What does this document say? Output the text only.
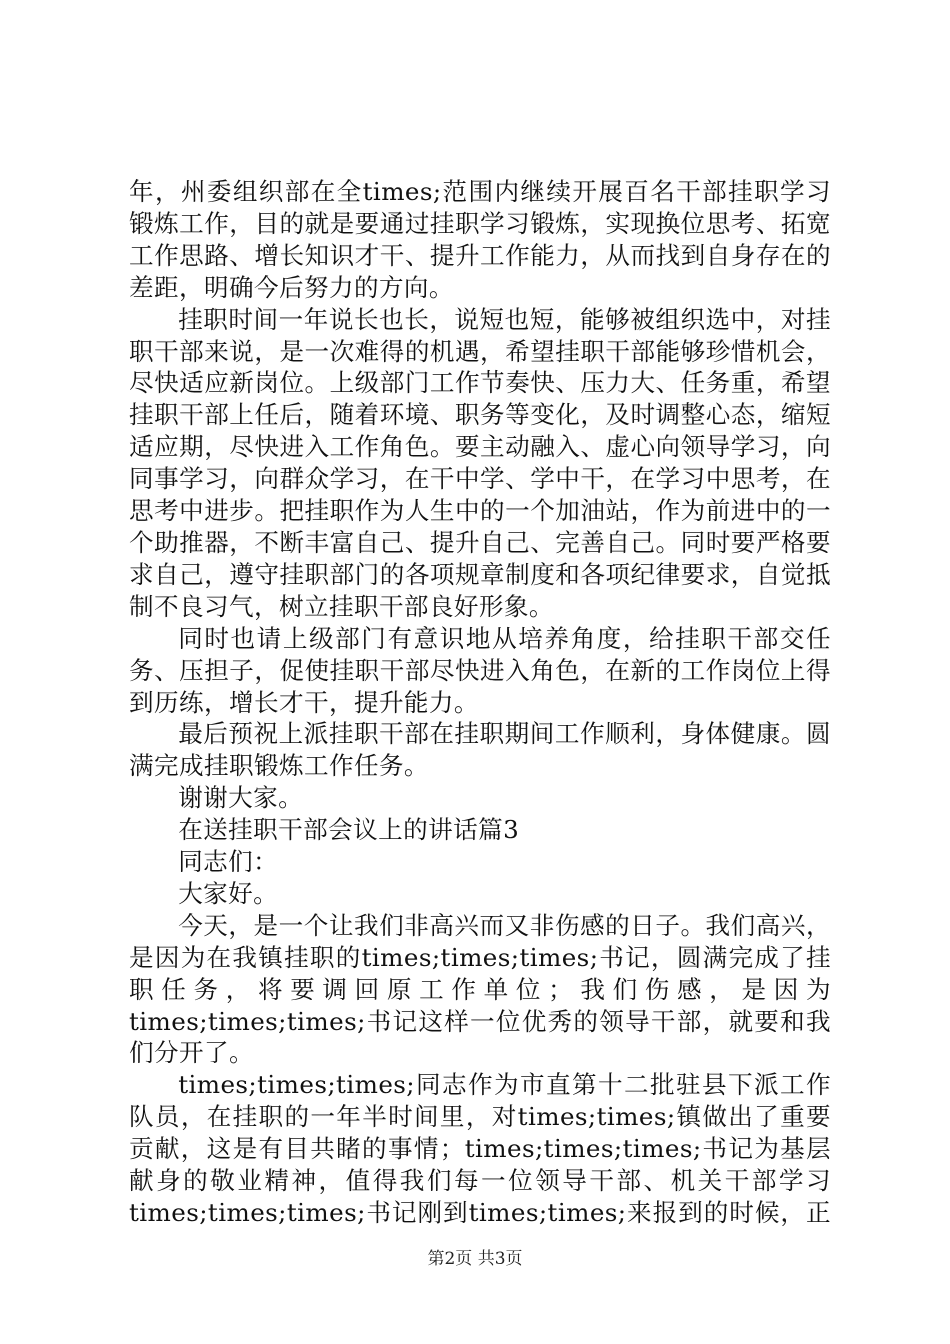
年，州委组织部在全times;范围内继续开展百名干部挂职学习锻炼工作，目的就是要通过挂职学习锻炼，实现换位思考、拓宽工作思路、增长知识才干、提升工作能力，从而找到自身存在的差距，明确今后努力的方向。

挂职时间一年说长也长，说短也短，能够被组织选中，对挂职干部来说，是一次难得的机遇，希望挂职干部能够珍惜机会，尽快适应新岗位。上级部门工作节奏快、压力大、任务重，希望挂职干部上任后，随着环境、职务等变化，及时调整心态，缩短适应期，尽快进入工作角色。要主动融入、虚心向领导学习，向同事学习，向群众学习，在干中学、学中干，在学习中思考，在思考中进步。把挂职作为人生中的一个加油站，作为前进中的一个助推器，不断丰富自己、提升自己、完善自己。同时要严格要求自己，遵守挂职部门的各项规章制度和各项纪律要求，自觉抵制不良习气，树立挂职干部良好形象。

同时也请上级部门有意识地从培养角度，给挂职干部交任务、压担子，促使挂职干部尽快进入角色，在新的工作岗位上得到历练，增长才干，提升能力。

最后预祝上派挂职干部在挂职期间工作顺利，身体健康。圆满完成挂职锻炼工作任务。

谢谢大家。

在送挂职干部会议上的讲话篇3

同志们：

大家好。

今天，是一个让我们非高兴而又非伤感的日子。我们高兴，是因为在我镇挂职的times;times;times;书记，圆满完成了挂职任务，将要调回原工作单位；我们伤感，是因为times;times;times;书记这样一位优秀的领导干部，就要和我们分开了。

times;times;times;同志作为市直第十二批驻县下派工作队员，在挂职的一年半时间里，对times;times;镇做出了重要贡献，这是有目共睹的事情；times;times;times;书记为基层献身的敬业精神，值得我们每一位领导干部、机关干部学习times;times;times;书记刚到times;times;来报到的时候，正

第2页 共3页
